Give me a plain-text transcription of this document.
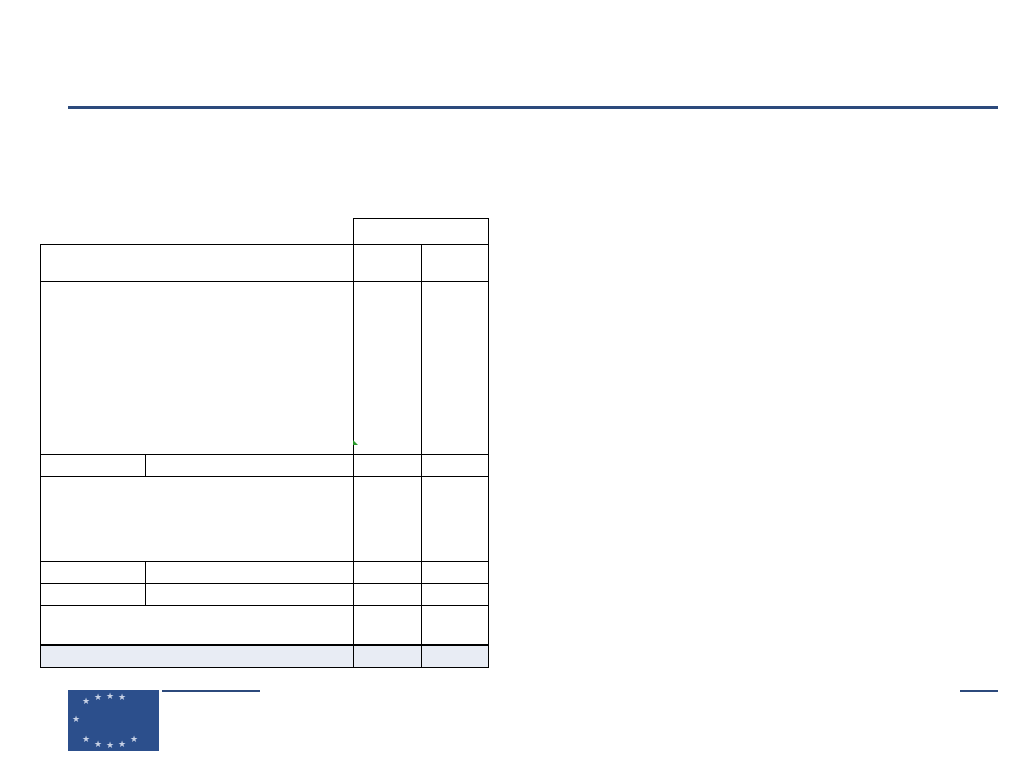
★ ★ ★ ★
★
★ ★ ★ ★ ★
